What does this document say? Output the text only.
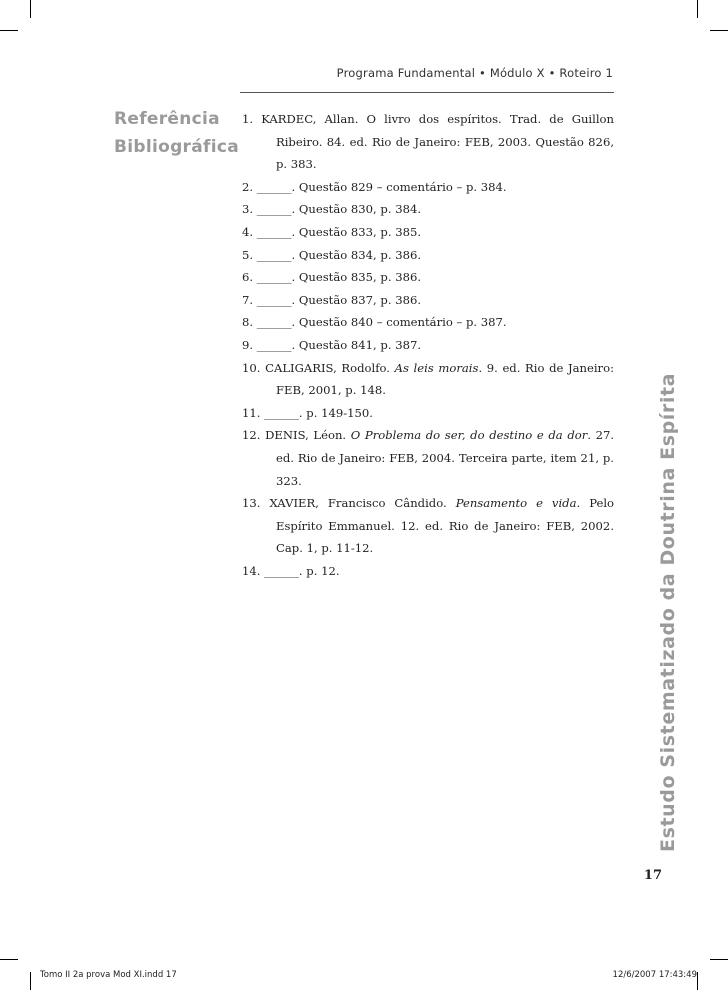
Programa Fundamental • Módulo X • Roteiro 1
Referência
Bibliográfica
1. KARDEC, Allan. O livro dos espíritos. Trad. de Guillon Ribeiro. 84. ed. Rio de Janeiro: FEB, 2003. Questão 826, p. 383.
2. ______. Questão 829 – comentário – p. 384.
3. ______. Questão 830, p. 384.
4. ______. Questão 833, p. 385.
5. ______. Questão 834, p. 386.
6. ______. Questão 835, p. 386.
7. ______. Questão 837, p. 386.
8. ______. Questão 840 – comentário – p. 387.
9. ______. Questão 841, p. 387.
10. CALIGARIS, Rodolfo. As leis morais. 9. ed. Rio de Janeiro: FEB, 2001, p. 148.
11. ______. p. 149-150.
12. DENIS, Léon. O Problema do ser, do destino e da dor. 27. ed. Rio de Janeiro: FEB, 2004. Terceira parte, item 21, p. 323.
13. XAVIER, Francisco Cândido. Pensamento e vida. Pelo Espírito Emmanuel. 12. ed. Rio de Janeiro: FEB, 2002. Cap. 1, p. 11-12.
14. ______. p. 12.	Estudo Sistematizado da Doutrina Espírita
17
Tomo II 2a prova Mod XI.indd 17	12/6/2007 17:43:49
